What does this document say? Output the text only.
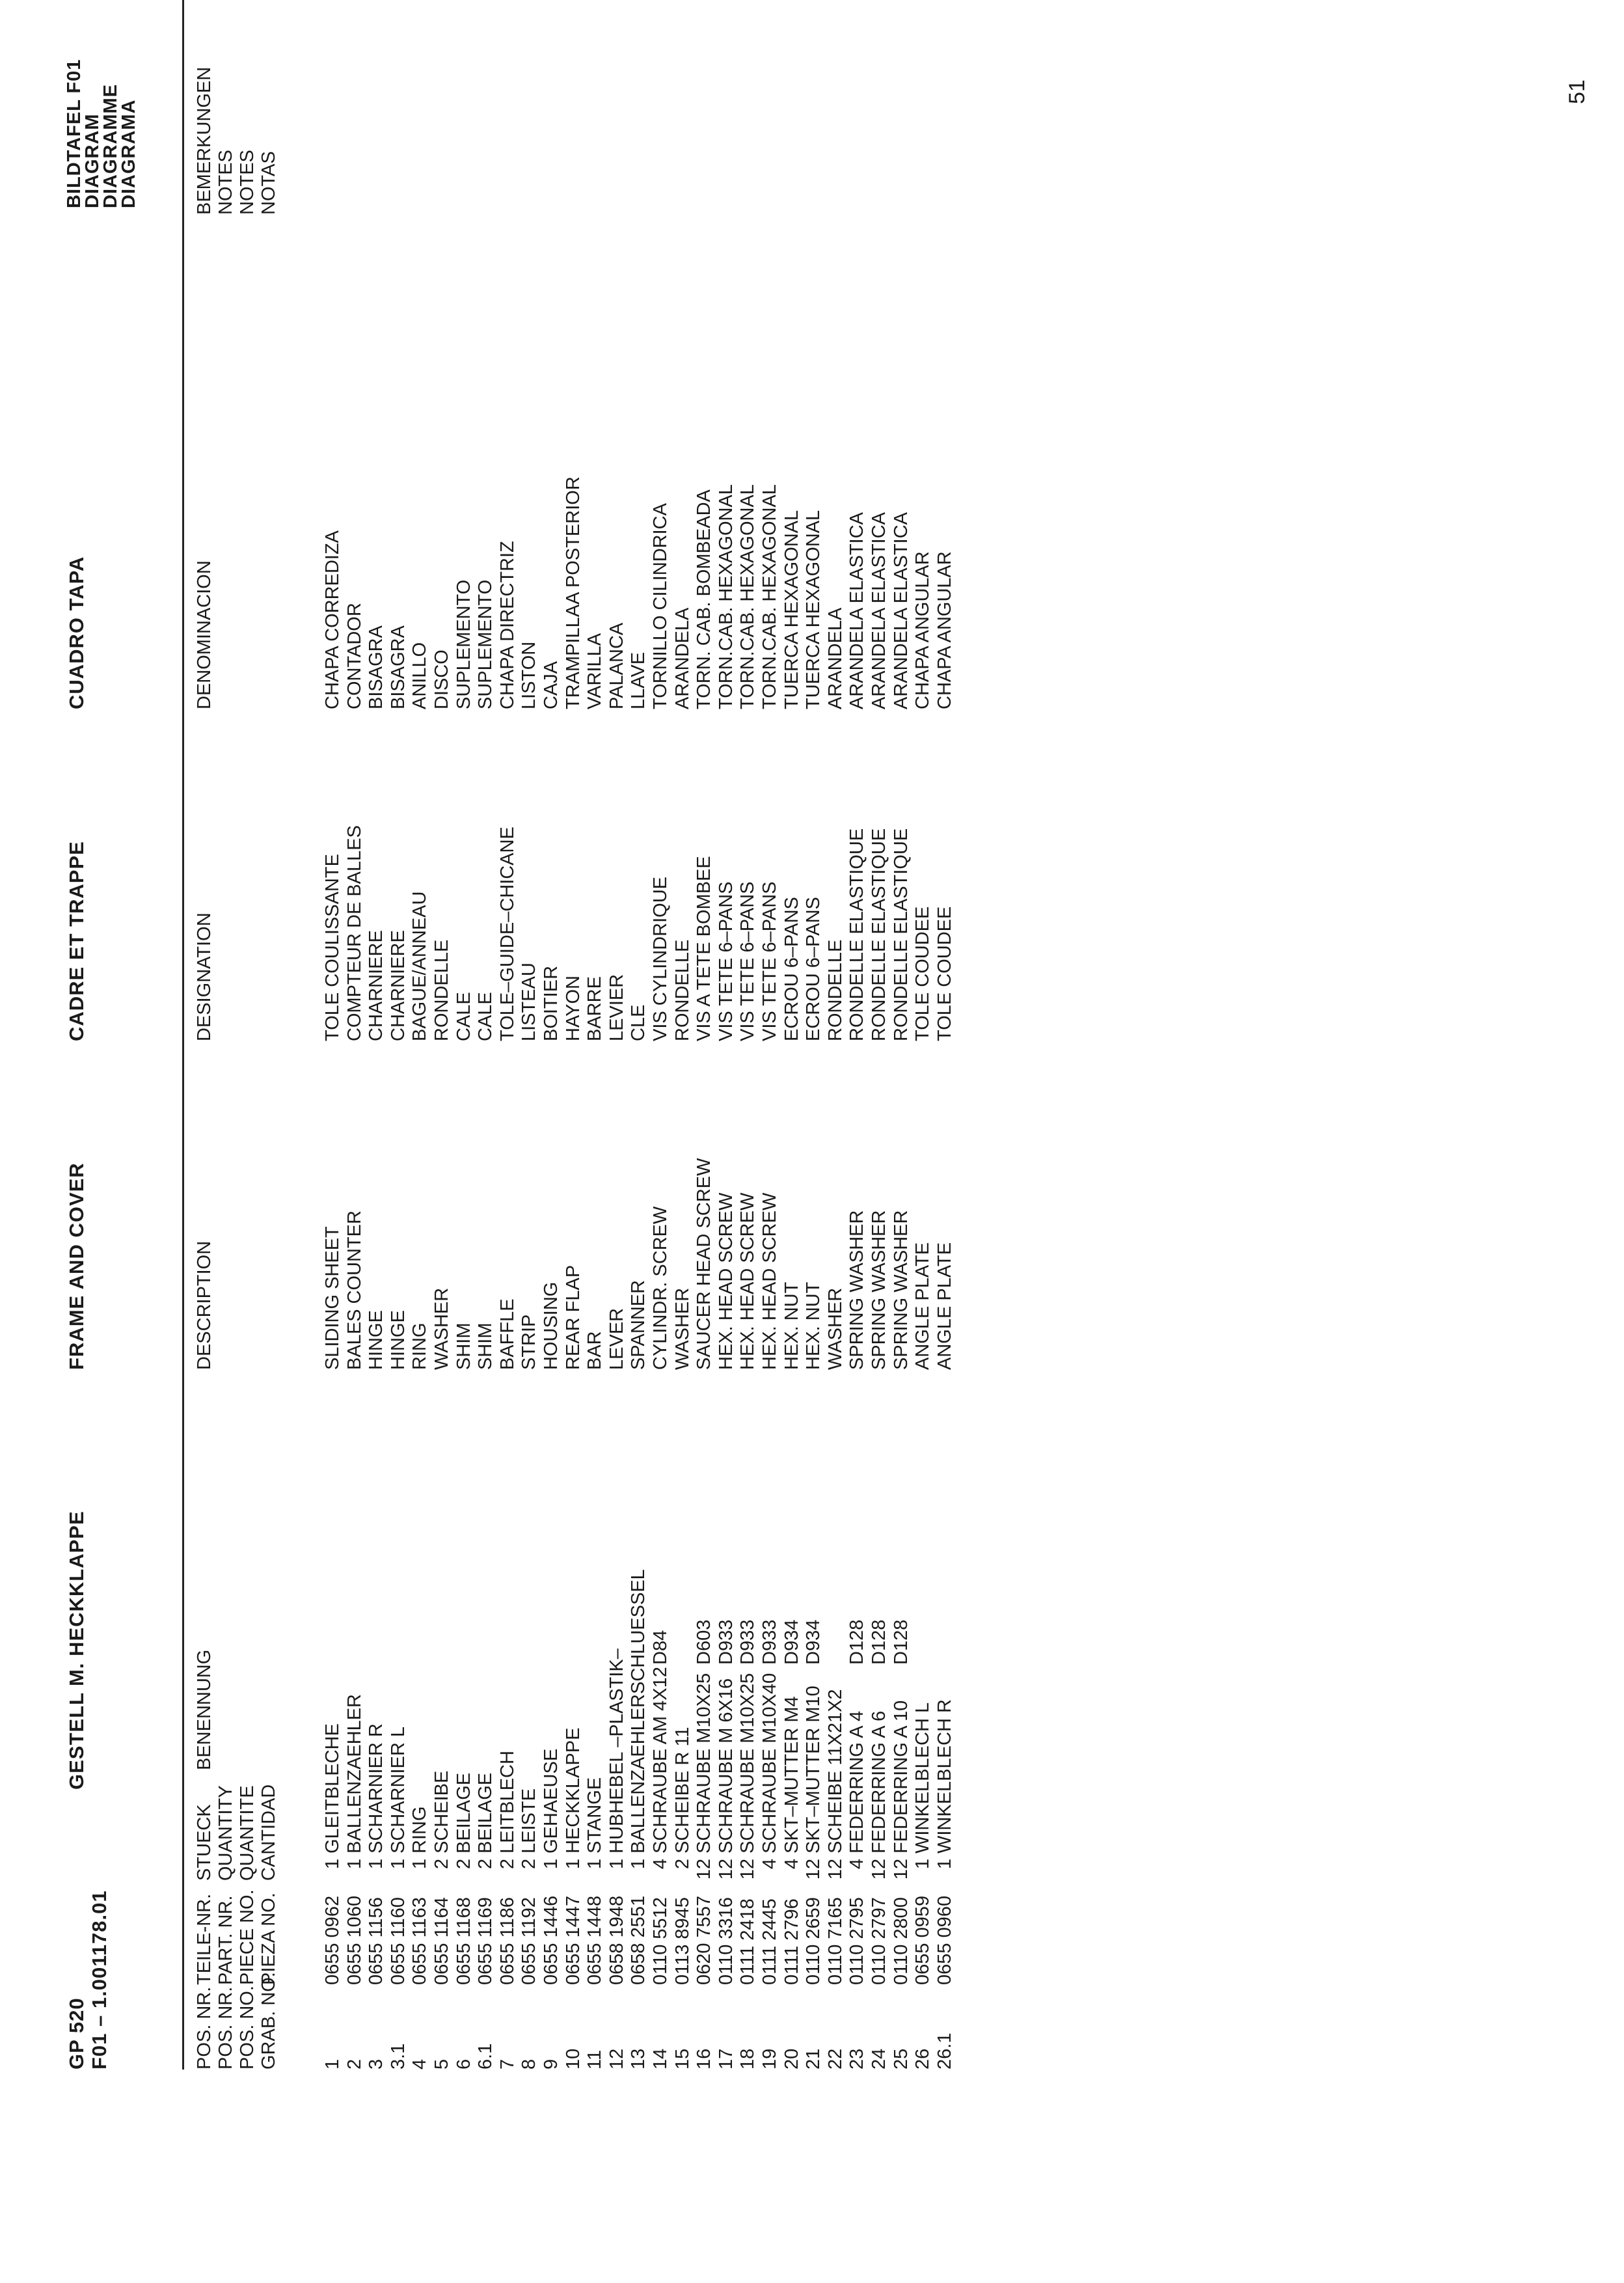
GP 520 F01 – 1.001178.01
GESTELL M. HECKKLAPPE
FRAME AND COVER
CADRE ET TRAPPE
CUADRO TAPA
BILDTAFEL F01
DIAGRAM
DIAGRAMME
DIAGRAMA
POS. NR. POS. NR. POS. NO. GRAB. NO.
TEILE-NR. PART. NR. PIECE NO. PIEZA NO.
STUECK QUANTITY QUANTITE CANTIDAD
BENENNUNG
DESCRIPTION
DESIGNATION
DENOMINACION
BEMERKUNGEN NOTES NOTES NOTAS
1
0655 0962
1
GLEITBLECHE
SLIDING SHEET
TOLE COULISSANTE
CHAPA CORREDIZA
2
0655 1060
1
BALLENZAEHLER
BALES COUNTER
COMPTEUR DE BALLES
CONTADOR
3
0655 1156
1
SCHARNIER R
HINGE
CHARNIERE
BISAGRA
3.1
0655 1160
1
SCHARNIER L
HINGE
CHARNIERE
BISAGRA
4
0655 1163
1
RING
RING
BAGUE/ANNEAU
ANILLO
5
0655 1164
2
SCHEIBE
WASHER
RONDELLE
DISCO
6
0655 1168
2
BEILAGE
SHIM
CALE
SUPLEMENTO
6.1
0655 1169
2
BEILAGE
SHIM
CALE
SUPLEMENTO
7
0655 1186
2
LEITBLECH
BAFFLE
TOLE–GUIDE–CHICANE
CHAPA DIRECTRIZ
8
0655 1192
2
LEISTE
STRIP
LISTEAU
LISTON
9
0655 1446
1
GEHAEUSE
HOUSING
BOITIER
CAJA
10
0655 1447
1
HECKKLAPPE
REAR FLAP
HAYON
TRAMPILLAA POSTERIOR
11
0655 1448
1
STANGE
BAR
BARRE
VARILLA
12
0658 1948
1
HUBHEBEL –PLASTIK–
LEVER
LEVIER
PALANCA
13
0658 2551
1
BALLENZAEHLERSCHLUESSEL
SPANNER
CLE
LLAVE
14
0110 5512
4
SCHRAUBE AM 4X12
D84
CYLINDR. SCREW
VIS CYLINDRIQUE
TORNILLO CILINDRICA
15
0113 8945
2
SCHEIBE R 11
WASHER
RONDELLE
ARANDELA
16
0620 7557
12
SCHRAUBE M10X25
D603
SAUCER HEAD SCREW
VIS A TETE BOMBEE
TORN. CAB. BOMBEADA
17
0110 3316
12
SCHRAUBE M 6X16
D933
HEX. HEAD SCREW
VIS TETE 6–PANS
TORN.CAB. HEXAGONAL
18
0111 2418
12
SCHRAUBE M10X25
D933
HEX. HEAD SCREW
VIS TETE 6–PANS
TORN.CAB. HEXAGONAL
19
0111 2445
4
SCHRAUBE M10X40
D933
HEX. HEAD SCREW
VIS TETE 6–PANS
TORN.CAB. HEXAGONAL
20
0111 2796
4
SKT–MUTTER M4
D934
HEX. NUT
ECROU 6–PANS
TUERCA HEXAGONAL
21
0110 2659
12
SKT–MUTTER M10
D934
HEX. NUT
ECROU 6–PANS
TUERCA HEXAGONAL
22
0110 7165
12
SCHEIBE 11X21X2
WASHER
RONDELLE
ARANDELA
23
0110 2795
4
FEDERRING A 4
D128
SPRING WASHER
RONDELLE ELASTIQUE
ARANDELA ELASTICA
24
0110 2797
12
FEDERRING A 6
D128
SPRING WASHER
RONDELLE ELASTIQUE
ARANDELA ELASTICA
25
0110 2800
12
FEDERRING A 10
D128
SPRING WASHER
RONDELLE ELASTIQUE
ARANDELA ELASTICA
26
0655 0959
1
WINKELBLECH L
ANGLE PLATE
TOLE COUDEE
CHAPA ANGULAR
26.1
0655 0960
1
WINKELBLECH R
ANGLE PLATE
TOLE COUDEE
CHAPA ANGULAR
51
